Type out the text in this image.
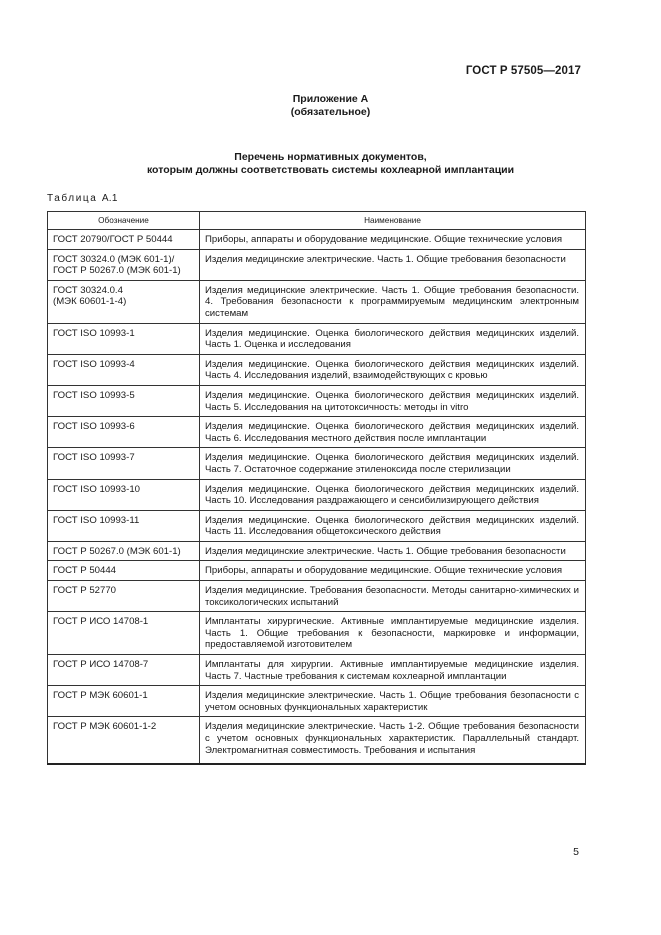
ГОСТ Р 57505—2017
Приложение А
(обязательное)
Перечень нормативных документов,
которым должны соответствовать системы кохлеарной имплантации
Таблица А.1
Обозначение	Наименование

ГОСТ 20790/ГОСТ Р 50444	Приборы, аппараты и оборудование медицинские. Общие технические условия

ГОСТ 30324.0 (МЭК 601-1)/
ГОСТ Р 50267.0 (МЭК 601-1)	Изделия медицинские электрические. Часть 1. Общие требования безопасности

ГОСТ 30324.0.4
(МЭК 60601-1-4)	Изделия медицинские электрические. Часть 1. Общие требования безопасности. 4. Требования безопасности к программируемым медицинским электронным системам

ГОСТ ISO 10993-1	Изделия медицинские. Оценка биологического действия медицинских изделий. Часть 1. Оценка и исследования

ГОСТ ISO 10993-4	Изделия медицинские. Оценка биологического действия медицинских изделий. Часть 4. Исследования изделий, взаимодействующих с кровью

ГОСТ ISO 10993-5	Изделия медицинские. Оценка биологического действия медицинских изделий. Часть 5. Исследования на цитотоксичность: методы in vitro

ГОСТ ISO 10993-6	Изделия медицинские. Оценка биологического действия медицинских изделий. Часть 6. Исследования местного действия после имплантации

ГОСТ ISO 10993-7	Изделия медицинские. Оценка биологического действия медицинских изделий. Часть 7. Остаточное содержание этиленоксида после стерилизации

ГОСТ ISO 10993-10	Изделия медицинские. Оценка биологического действия медицинских изделий. Часть 10. Исследования раздражающего и сенсибилизирующего действия

ГОСТ ISO 10993-11	Изделия медицинские. Оценка биологического действия медицинских изделий. Часть 11. Исследования общетоксического действия

ГОСТ Р 50267.0 (МЭК 601-1)	Изделия медицинские электрические. Часть 1. Общие требования безопасности

ГОСТ Р 50444	Приборы, аппараты и оборудование медицинские. Общие технические условия

ГОСТ Р 52770	Изделия медицинские. Требования безопасности. Методы санитарно-химических и токсикологических испытаний

ГОСТ Р ИСО 14708-1	Имплантаты хирургические. Активные имплантируемые медицинские изделия. Часть 1. Общие требования к безопасности, маркировке и информации, предоставляемой изготовителем

ГОСТ Р ИСО 14708-7	Имплантаты для хирургии. Активные имплантируемые медицинские изделия. Часть 7. Частные требования к системам кохлеарной имплантации

ГОСТ Р МЭК 60601-1	Изделия медицинские электрические. Часть 1. Общие требования безопасности с учетом основных функциональных характеристик

ГОСТ Р МЭК 60601-1-2	Изделия медицинские электрические. Часть 1-2. Общие требования безопасности с учетом основных функциональных характеристик. Параллельный стандарт. Электромагнитная совместимость. Требования и испытания
5
